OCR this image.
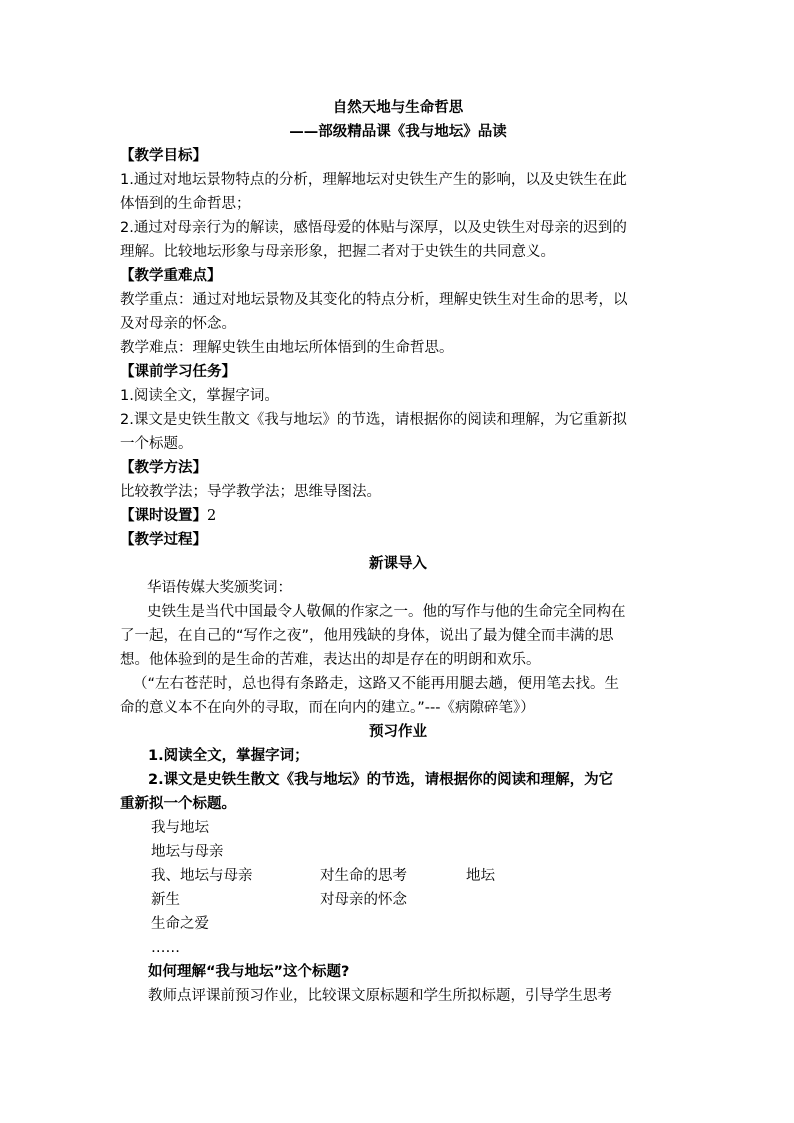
自然天地与生命哲思
——部级精品课《我与地坛》品读
【教学目标】
1.通过对地坛景物特点的分析，理解地坛对史铁生产生的影响，以及史铁生在此
体悟到的生命哲思；
2.通过对母亲行为的解读，感悟母爱的体贴与深厚，以及史铁生对母亲的迟到的
理解。比较地坛形象与母亲形象，把握二者对于史铁生的共同意义。
【教学重难点】
教学重点：通过对地坛景物及其变化的特点分析，理解史铁生对生命的思考，以
及对母亲的怀念。
教学难点：理解史铁生由地坛所体悟到的生命哲思。
【课前学习任务】
1.阅读全文，掌握字词。
2.课文是史铁生散文《我与地坛》的节选，请根据你的阅读和理解，为它重新拟
一个标题。
【教学方法】
比较教学法；导学教学法；思维导图法。
【课时设置】2
【教学过程】
新课导入
华语传媒大奖颁奖词：
史铁生是当代中国最令人敬佩的作家之一。他的写作与他的生命完全同构在
了一起，在自己的“写作之夜”，他用残缺的身体，说出了最为健全而丰满的思
想。他体验到的是生命的苦难，表达出的却是存在的明朗和欢乐。
（“左右苍茫时，总也得有条路走，这路又不能再用腿去趟，便用笔去找。生
命的意义本不在向外的寻取，而在向内的建立。”---《病隙碎笔》）
预习作业
1.阅读全文，掌握字词；
2.课文是史铁生散文《我与地坛》的节选，请根据你的阅读和理解，为它
重新拟一个标题。
我与地坛
地坛与母亲
我、地坛与母亲	对生命的思考	地坛
新生	对母亲的怀念
生命之爱
……
如何理解“我与地坛”这个标题?
教师点评课前预习作业，比较课文原标题和学生所拟标题，引导学生思考
